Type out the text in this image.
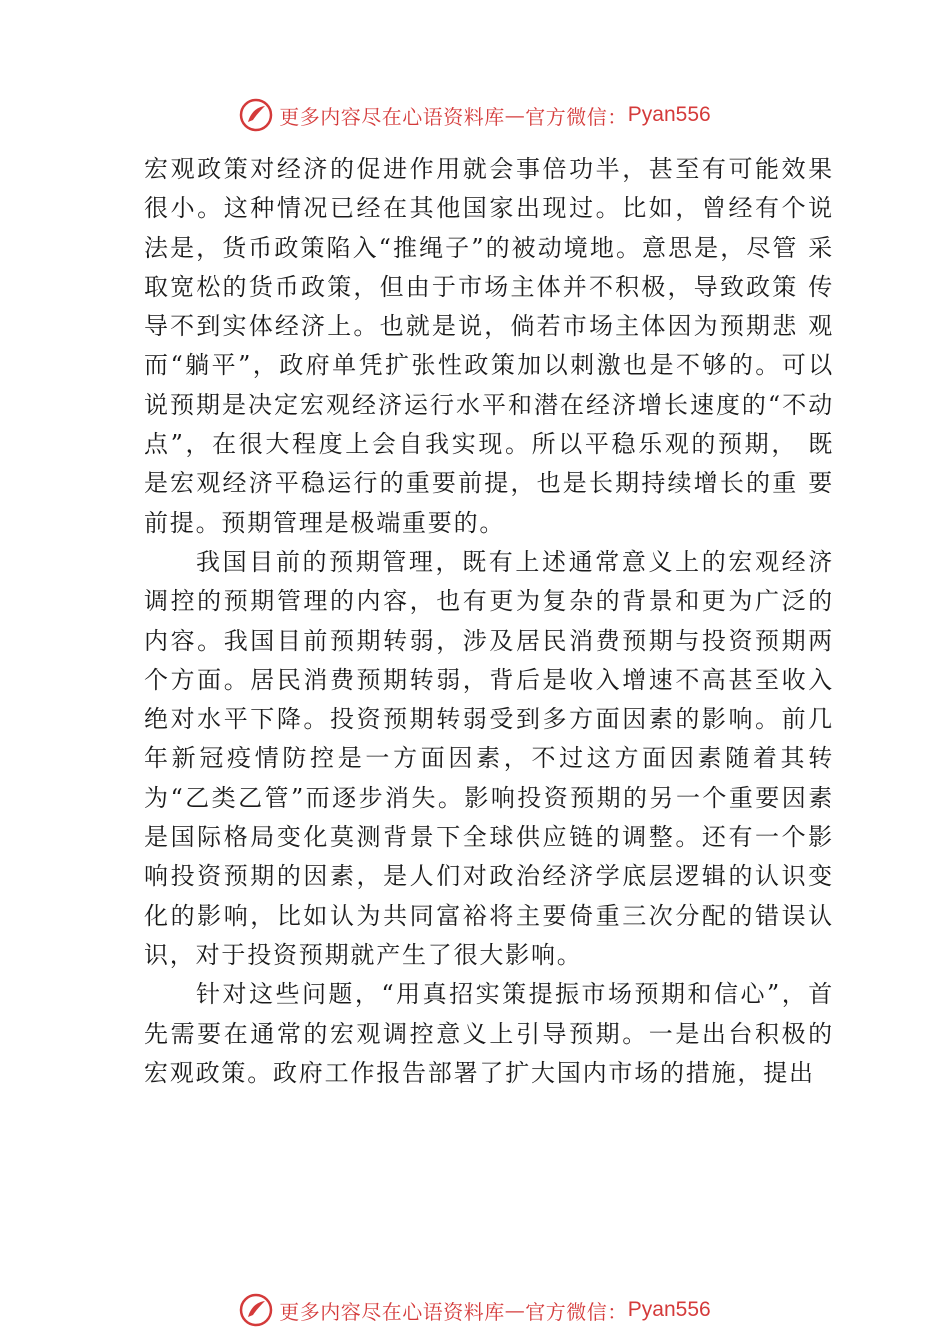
更多内容尽在心语资料库 — 官方微信： Pyan556

宏观政策对经济的促进作用就会事倍功半，甚至有可能效果很小。这种情况已经在其他国家出现过。比如，曾经有个说法是，货币政策陷入“推绳子”的被动境地。意思是，尽管 采取宽松的货币政策，但由于市场主体并不积极，导致政策 传导不到实体经济上。也就是说，倘若市场主体因为预期悲 观而“躺平”，政府单凭扩张性政策加以刺激也是不够的。可以说预期是决定宏观经济运行水平和潜在经济增长速度的“不动点”，在很大程度上会自我实现。所以平稳乐观的预期， 既是宏观经济平稳运行的重要前提，也是长期持续增长的重 要前提。预期管理是极端重要的。

我国目前的预期管理，既有上述通常意义上的宏观经济调控的预期管理的内容，也有更为复杂的背景和更为广泛的内容。我国目前预期转弱，涉及居民消费预期与投资预期两个方面。居民消费预期转弱，背后是收入增速不高甚至收入绝对水平下降。投资预期转弱受到多方面因素的影响。前几年新冠疫情防控是一方面因素，不过这方面因素随着其转为“乙类乙管”而逐步消失。影响投资预期的另一个重要因素是国际格局变化莫测背景下全球供应链的调整。还有一个影响投资预期的因素，是人们对政治经济学底层逻辑的认识变化的影响，比如认为共同富裕将主要倚重三次分配的错误认识，对于投资预期就产生了很大影响。

针对这些问题，“用真招实策提振市场预期和信心”，首先需要在通常的宏观调控意义上引导预期。一是出台积极的宏观政策。政府工作报告部署了扩大国内市场的措施，提出

更多内容尽在心语资料库 — 官方微信： Pyan556
